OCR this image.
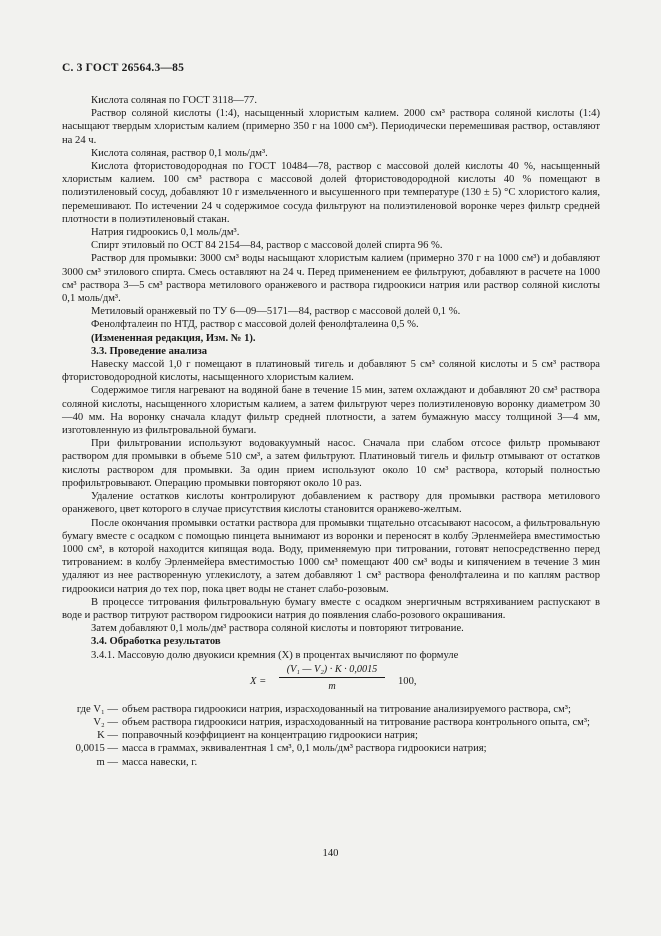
С. 3 ГОСТ 26564.3—85

Кислота соляная по ГОСТ 3118—77.

Раствор соляной кислоты (1:4), насыщенный хлористым калием. 2000 см³ раствора соляной кислоты (1:4) насыщают твердым хлористым калием (примерно 350 г на 1000 см³). Периодически перемешивая раствор, оставляют на 24 ч.

Кислота соляная, раствор 0,1 моль/дм³.

Кислота фтористоводородная по ГОСТ 10484—78, раствор с массовой долей кислоты 40 %, насыщенный хлористым калием. 100 см³ раствора с массовой долей фтористоводородной кислоты 40 % помещают в полиэтиленовый сосуд, добавляют 10 г измельченного и высушенного при температуре (130 ± 5) °С хлористого калия, перемешивают. По истечении 24 ч содержимое сосуда фильтруют на полиэтиленовой воронке через фильтр средней плотности в полиэтиленовый стакан.

Натрия гидроокись 0,1 моль/дм³.

Спирт этиловый по ОСТ 84 2154—84, раствор с массовой долей спирта 96 %.

Раствор для промывки: 3000 см³ воды насыщают хлористым калием (примерно 370 г на 1000 см³) и добавляют 3000 см³ этилового спирта. Смесь оставляют на 24 ч. Перед применением ее фильтруют, добавляют в расчете на 1000 см³ раствора 3—5 см³ раствора метилового оранжевого и раствора гидроокиси натрия или раствор соляной кислоты 0,1 моль/дм³.

Метиловый оранжевый по ТУ 6—09—5171—84, раствор с массовой долей 0,1 %.

Фенолфталеин по НТД, раствор с массовой долей фенолфталеина 0,5 %.

(Измененная редакция, Изм. № 1).

3.3. Проведение анализа

Навеску массой 1,0 г помещают в платиновый тигель и добавляют 5 см³ соляной кислоты и 5 см³ раствора фтористоводородной кислоты, насыщенного хлористым калием.

Содержимое тигля нагревают на водяной бане в течение 15 мин, затем охлаждают и добавляют 20 см³ раствора соляной кислоты, насыщенного хлористым калием, а затем фильтруют через полиэтиленовую воронку диаметром 30—40 мм. На воронку сначала кладут фильтр средней плотности, а затем бумажную массу толщиной 3—4 мм, изготовленную из фильтровальной бумаги.

При фильтровании используют водовакуумный насос. Сначала при слабом отсосе фильтр промывают раствором для промывки в объеме 510 см³, а затем фильтруют. Платиновый тигель и фильтр отмывают от остатков кислоты раствором для промывки. За один прием используют около 10 см³ раствора, который полностью профильтровывают. Операцию промывки повторяют около 10 раз.

Удаление остатков кислоты контролируют добавлением к раствору для промывки раствора метилового оранжевого, цвет которого в случае присутствия кислоты становится оранжево-желтым.

После окончания промывки остатки раствора для промывки тщательно отсасывают насосом, а фильтровальную бумагу вместе с осадком с помощью пинцета вынимают из воронки и переносят в колбу Эрленмейера вместимостью 1000 см³, в которой находится кипящая вода. Воду, применяемую при титровании, готовят непосредственно перед титрованием: в колбу Эрленмейера вместимостью 1000 см³ помещают 400 см³ воды и кипячением в течение 3 мин удаляют из нее растворенную углекислоту, а затем добавляют 1 см³ раствора фенолфталеина и по каплям раствор гидроокиси натрия до тех пор, пока цвет воды не станет слабо-розовым.

В процессе титрования фильтровальную бумагу вместе с осадком энергичным встряхиванием распускают в воде и раствор титруют раствором гидроокиси натрия до появления слабо-розового окрашивания.

Затем добавляют 0,1 моль/дм³ раствора соляной кислоты и повторяют титрование.

3.4. Обработка результатов

3.4.1. Массовую долю двуокиси кремния (X) в процентах вычисляют по формуле

$X = \frac{\text{(V₁ — V₂) · K · 0,0015}}{m} 100$,
где V₁ — объем раствора гидроокиси натрия, израсходованный на титрование анализируемого раствора, см³;
V₂ — объем раствора гидроокиси натрия, израсходованный на титрование раствора контрольного опыта, см³;
K — поправочный коэффициент на концентрацию гидроокиси натрия;
0,0015 — масса в граммах, эквивалентная 1 см³, 0,1 моль/дм³ раствора гидроокиси натрия;
m — масса навески, г.
140
